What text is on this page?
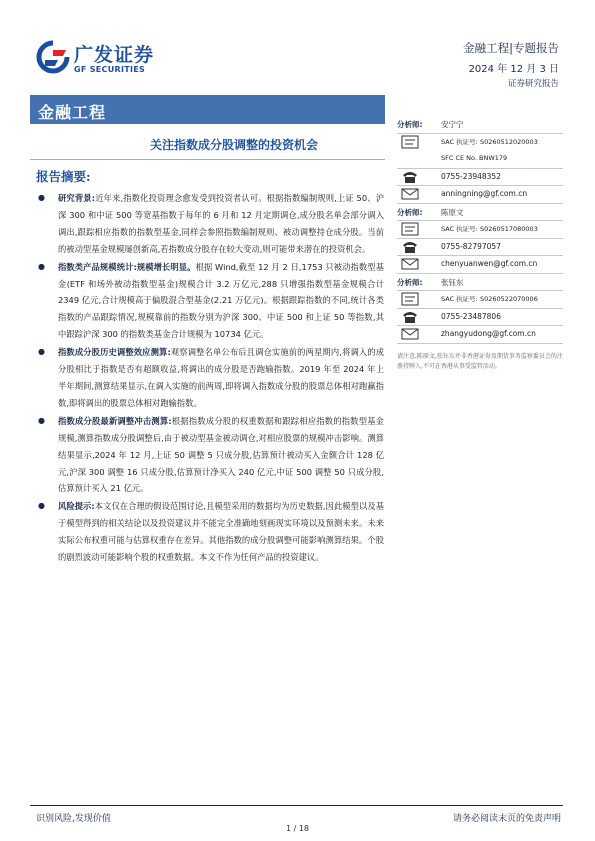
广发证券
GF SECURITIES
金融工程|专题报告
2024 年 12 月 3 日
证券研究报告
金融工程
关注指数成分股调整的投资机会
报告摘要:
● 研究背景:近年来,指数化投资理念愈发受到投资者认可。根据指数编制规则,上证 50、沪深 300 和中证 500 等宽基指数于每年的 6 月和 12 月定期调仓,成分股名单会部分调入调出,跟踪相应指数的指数型基金,同样会参照指数编制规则、被动调整持仓成分股。当前的被动型基金规模屡创新高,若指数成分股存在较大变动,则可能带来潜在的投资机会。
● 指数类产品规模统计:规模增长明显。根据 Wind,截至 12 月 2 日,1753 只被动指数型基金(ETF 和场外被动指数型基金)规模合计 3.2 万亿元,288 只增强指数型基金规模合计 2349 亿元,合计规模高于偏股混合型基金(2.21 万亿元)。根据跟踪指数的不同,统计各类指数的产品跟踪情况,规模靠前的指数分别为沪深 300、中证 500 和上证 50 等指数,其中跟踪沪深 300 的指数类基金合计规模为 10734 亿元。
● 指数成分股历史调整效应测算:观察调整名单公布后且调仓实施前的两星期内,将调入的成分股相比于指数是否有超额收益,将调出的成分股是否跑输指数。2019 年至 2024 年上半年期间,测算结果显示,在调入实施的前两周,即将调入指数成分股的股票总体相对跑赢指数,即将调出的股票总体相对跑输指数。
● 指数成分股最新调整冲击测算:根据指数成分股的权重数据和跟踪相应指数的指数型基金规模,测算指数成分股调整后,由于被动型基金被动调仓,对相应股票的规模冲击影响。测算结果显示,2024 年 12 月,上证 50 调整 5 只成分股,估算预计被动买入金额合计 128 亿元,沪深 300 调整 16 只成分股,估算预计净买入 240 亿元,中证 500 调整 50 只成分股,估算预计买入 21 亿元。
● 风险提示:本文仅在合理的假设范围讨论,且模型采用的数据均为历史数据,因此模型以及基于模型得到的相关结论以及投资建议并不能完全准确地刻画现实环境以及预测未来。未来实际公布权重可能与估算权重存在差异。其他指数的成分股调整可能影响测算结果。个股的剧烈波动可能影响个股的权重数据。本文不作为任何产品的投资建议。
分析师: 安宁宁
SAC 执证号: S0260512020003
SFC CE No. BNW179
0755-23948352
anningning@gf.com.cn
分析师: 陈原文
SAC 执证号: S0260517080003
0755-82797057
chenyuanwen@gf.com.cn
分析师: 张钰东
SAC 执证号: S0260522070006
0755-23487806
zhangyudong@gf.com.cn
请注意,陈原文,张钰东并非香港证券及期货事务监察委员会的注册持牌人,不可在香港从事受监管活动。
识别风险,发现价值	请务必阅读末页的免责声明
1 / 18
